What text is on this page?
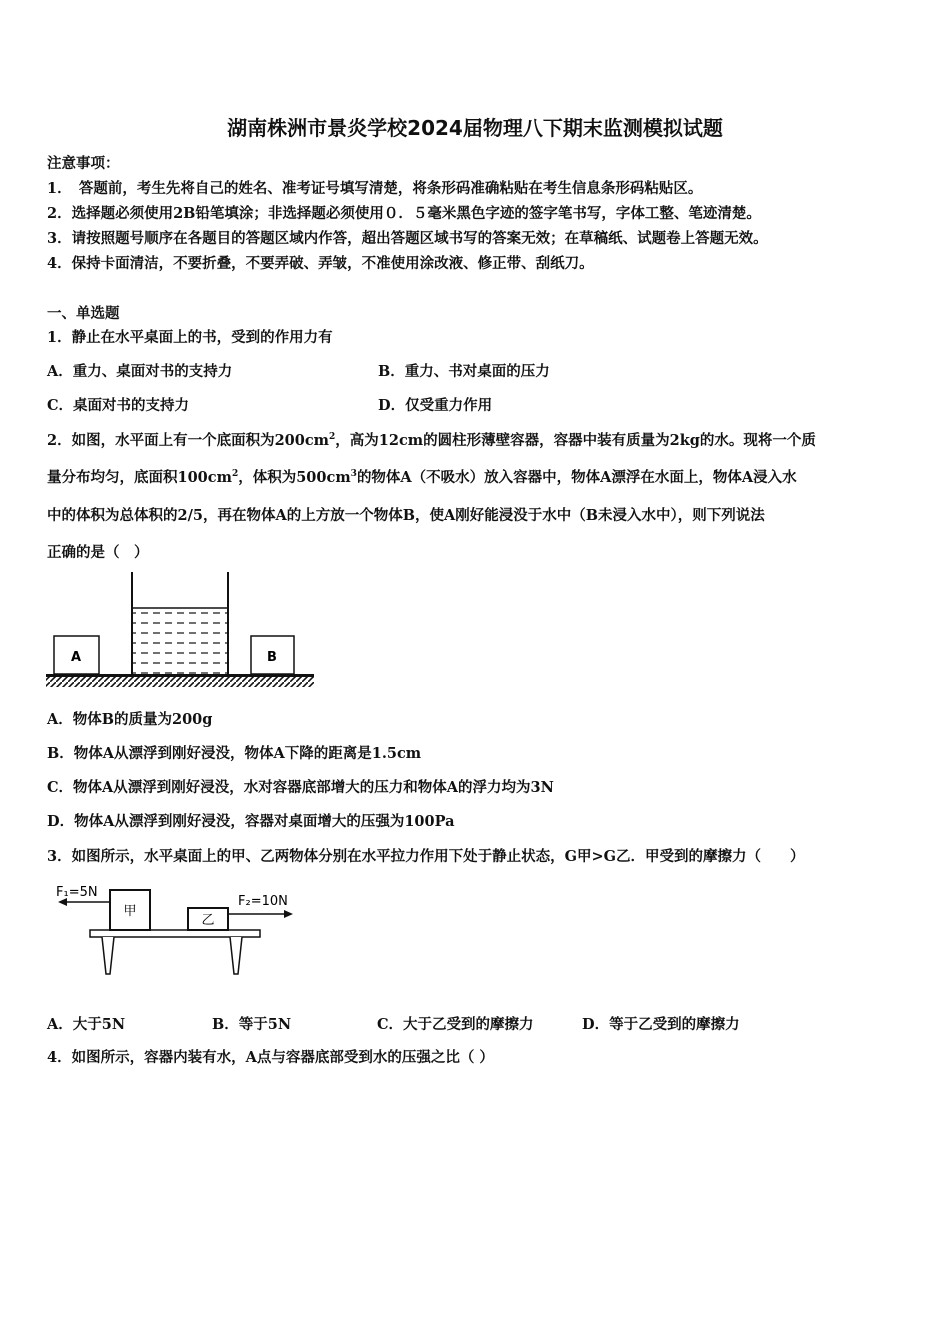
湖南株洲市景炎学校2024届物理八下期末监测模拟试题
注意事项：
1．　答题前，考生先将自己的姓名、准考证号填写清楚，将条形码准确粘贴在考生信息条形码粘贴区。
2．选择题必须使用2B铅笔填涂；非选择题必须使用０．５毫米黑色字迹的签字笔书写，字体工整、笔迹清楚。
3．请按照题号顺序在各题目的答题区域内作答，超出答题区域书写的答案无效；在草稿纸、试题卷上答题无效。
4．保持卡面清洁，不要折叠，不要弄破、弄皱，不准使用涂改液、修正带、刮纸刀。
一、单选题
1．静止在水平桌面上的书，受到的作用力有
A．重力、桌面对书的支持力	B．重力、书对桌面的压力
C．桌面对书的支持力	D．仅受重力作用
2．如图，水平面上有一个底面积为$200cm^2$，高为12cm的圆柱形薄壁容器，容器中装有质量为2kg的水。现将一个质
量分布均匀，底面积$100cm^2$，体积为$500cm^3$的物体A（不吸水）放入容器中，物体A漂浮在水面上，物体A浸入水
中的体积为总体积的2/5，再在物体A的上方放一个物体B，使A刚好能浸没于水中（B未浸入水中），则下列说法
正确的是（　）
A	B
A．物体B的质量为200g
B．物体A从漂浮到刚好浸没，物体A下降的距离是1.5cm
C．物体A从漂浮到刚好浸没，水对容器底部增大的压力和物体A的浮力均为3N
D．物体A从漂浮到刚好浸没，容器对桌面增大的压强为100Pa
3．如图所示，水平桌面上的甲、乙两物体分别在水平拉力作用下处于静止状态，G甲>G乙．甲受到的摩擦力（　　）
甲
乙
F₁=5N
F₂=10N
A．大于5N	B．等于5N	C．大于乙受到的摩擦力	D．等于乙受到的摩擦力
4．如图所示，容器内装有水，A点与容器底部受到水的压强之比（ ）
